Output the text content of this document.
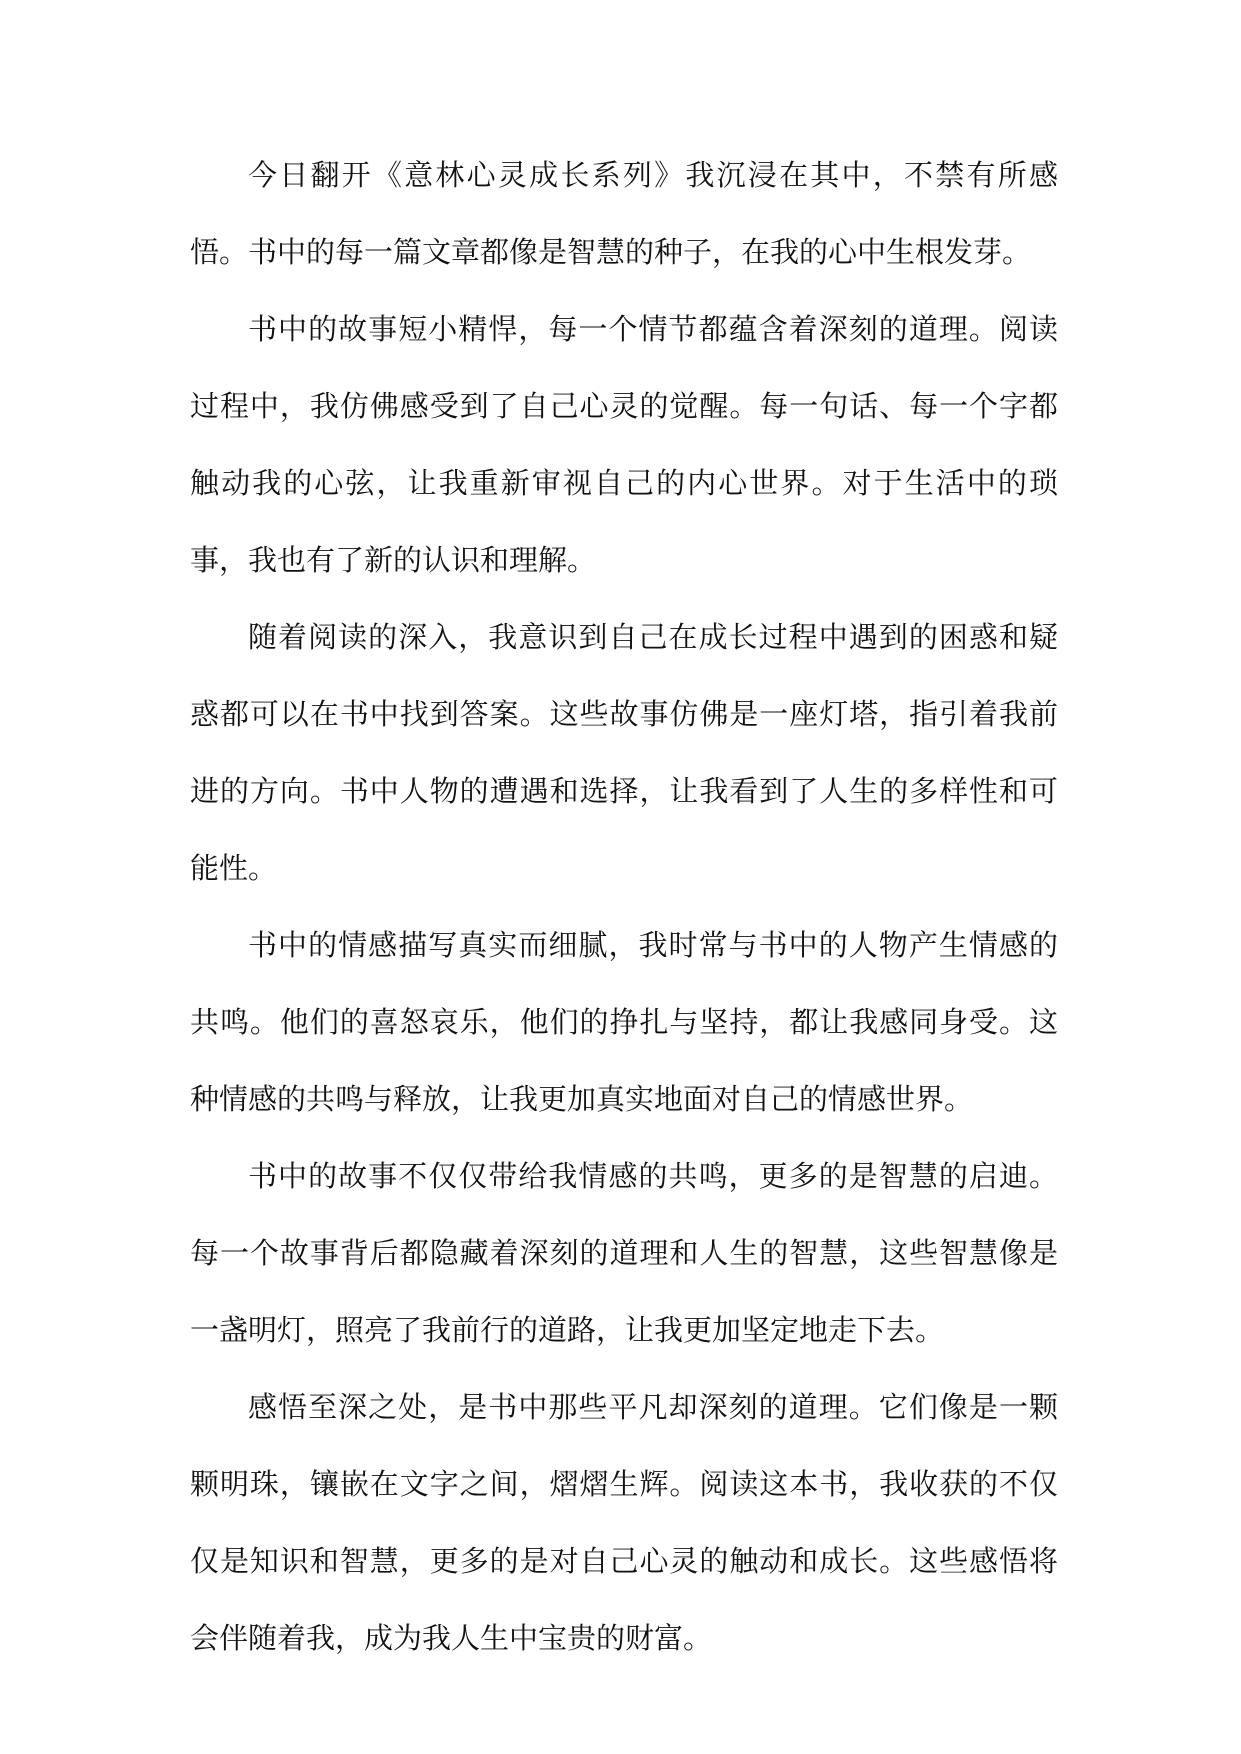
今日翻开《意林心灵成长系列》我沉浸在其中，不禁有所感悟。书中的每一篇文章都像是智慧的种子，在我的心中生根发芽。

书中的故事短小精悍，每一个情节都蕴含着深刻的道理。阅读过程中，我仿佛感受到了自己心灵的觉醒。每一句话、每一个字都触动我的心弦，让我重新审视自己的内心世界。对于生活中的琐事，我也有了新的认识和理解。

随着阅读的深入，我意识到自己在成长过程中遇到的困惑和疑惑都可以在书中找到答案。这些故事仿佛是一座灯塔，指引着我前进的方向。书中人物的遭遇和选择，让我看到了人生的多样性和可能性。

书中的情感描写真实而细腻，我时常与书中的人物产生情感的共鸣。他们的喜怒哀乐，他们的挣扎与坚持，都让我感同身受。这种情感的共鸣与释放，让我更加真实地面对自己的情感世界。

书中的故事不仅仅带给我情感的共鸣，更多的是智慧的启迪。每一个故事背后都隐藏着深刻的道理和人生的智慧，这些智慧像是一盏明灯，照亮了我前行的道路，让我更加坚定地走下去。

感悟至深之处，是书中那些平凡却深刻的道理。它们像是一颗颗明珠，镶嵌在文字之间，熠熠生辉。阅读这本书，我收获的不仅仅是知识和智慧，更多的是对自己心灵的触动和成长。这些感悟将会伴随着我，成为我人生中宝贵的财富。
